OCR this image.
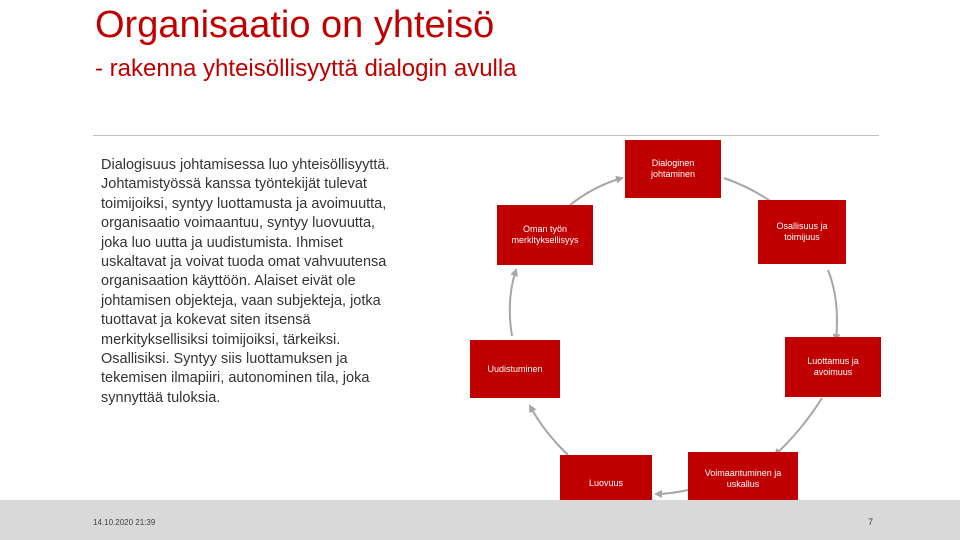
Organisaatio on yhteisö
- rakenna yhteisöllisyyttä dialogin avulla
Dialogisuus johtamisessa luo yhteisöllisyyttä. Johtamistyössä kanssa työntekijät tulevat toimijoiksi, syntyy luottamusta ja avoimuutta, organisaatio voimaantuu, syntyy luovuutta, joka luo uutta ja uudistumista. Ihmiset uskaltavat ja voivat tuoda omat vahvuutensa organisaation käyttöön. Alaiset eivät ole johtamisen objekteja, vaan subjekteja, jotka tuottavat ja kokevat siten itsensä merkityksellisiksi toimijoiksi, tärkeiksi. Osallisiksi. Syntyy siis luottamuksen ja tekemisen ilmapiiri, autonominen tila, joka synnyttää tuloksia.
Dialoginen johtaminen
Osallisuus ja toimijuus
Luottamus ja avoimuus
Voimaantuminen ja uskallus
Luovuus
Uudistuminen
Oman työn merkityksellisyys
14.10.2020 21:39	7
